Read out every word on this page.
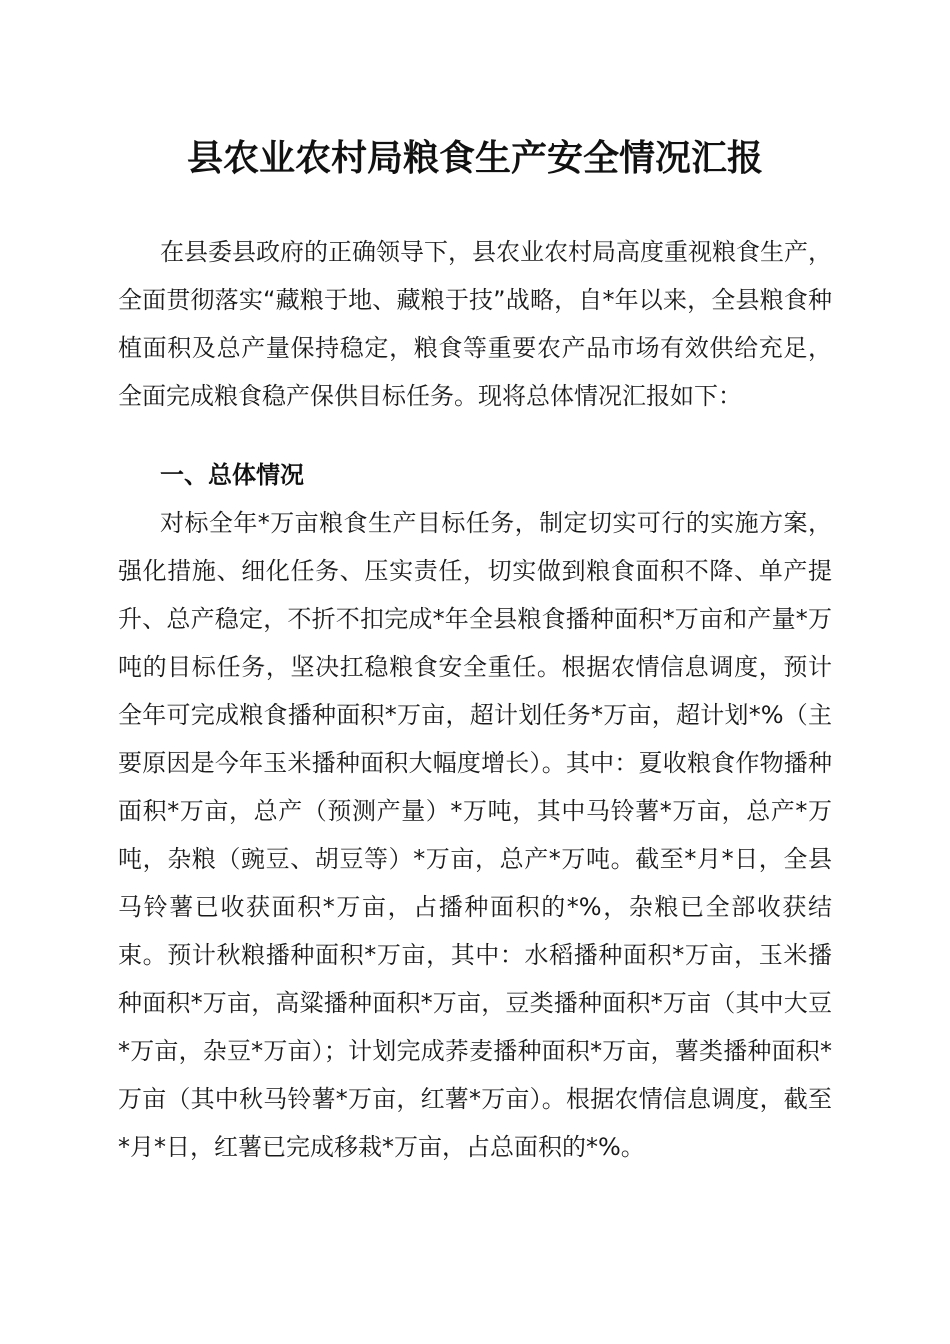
县农业农村局粮食生产安全情况汇报

在县委县政府的正确领导下，县农业农村局高度重视粮食生产，全面贯彻落实“藏粮于地、藏粮于技”战略，自*年以来，全县粮食种植面积及总产量保持稳定，粮食等重要农产品市场有效供给充足，全面完成粮食稳产保供目标任务。现将总体情况汇报如下：

一、总体情况

对标全年*万亩粮食生产目标任务，制定切实可行的实施方案，强化措施、细化任务、压实责任，切实做到粮食面积不降、单产提升、总产稳定，不折不扣完成*年全县粮食播种面积*万亩和产量*万吨的目标任务，坚决扛稳粮食安全重任。根据农情信息调度，预计全年可完成粮食播种面积*万亩，超计划任务*万亩，超计划*%（主要原因是今年玉米播种面积大幅度增长）。其中：夏收粮食作物播种面积*万亩，总产（预测产量）*万吨，其中马铃薯*万亩，总产*万吨，杂粮（豌豆、胡豆等）*万亩，总产*万吨。截至*月*日，全县马铃薯已收获面积*万亩，占播种面积的*%，杂粮已全部收获结束。预计秋粮播种面积*万亩，其中：水稻播种面积*万亩，玉米播种面积*万亩，高粱播种面积*万亩，豆类播种面积*万亩（其中大豆*万亩，杂豆*万亩）；计划完成荞麦播种面积*万亩，薯类播种面积*万亩（其中秋马铃薯*万亩，红薯*万亩）。根据农情信息调度，截至*月*日，红薯已完成移栽*万亩，占总面积的*%。
